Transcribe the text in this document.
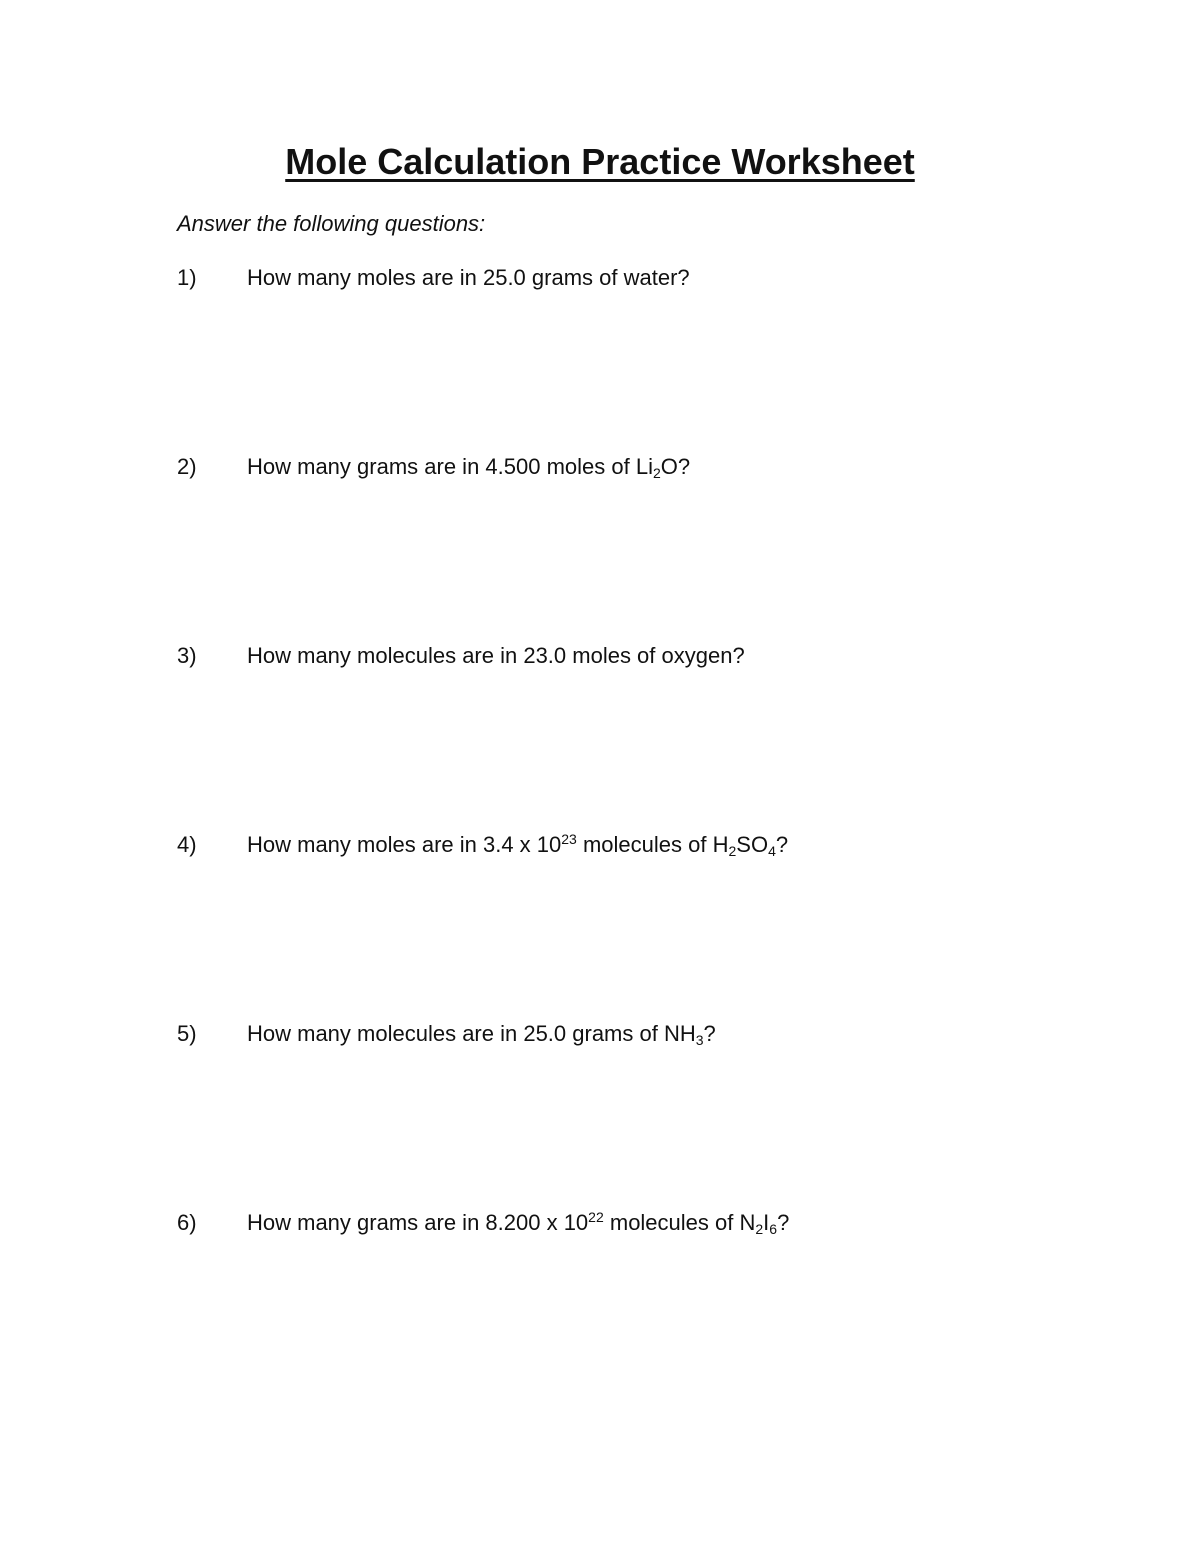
Mole Calculation Practice Worksheet
Answer the following questions:
1) How many moles are in 25.0 grams of water?
2) How many grams are in 4.500 moles of $Li_2O$?
3) How many molecules are in 23.0 moles of oxygen?
4) How many moles are in 3.4 x $10^{23}$ molecules of $H_2SO_4$?
5) How many molecules are in 25.0 grams of $NH_3$?
6) How many grams are in 8.200 x $10^{22}$ molecules of $N_2I_6$?
